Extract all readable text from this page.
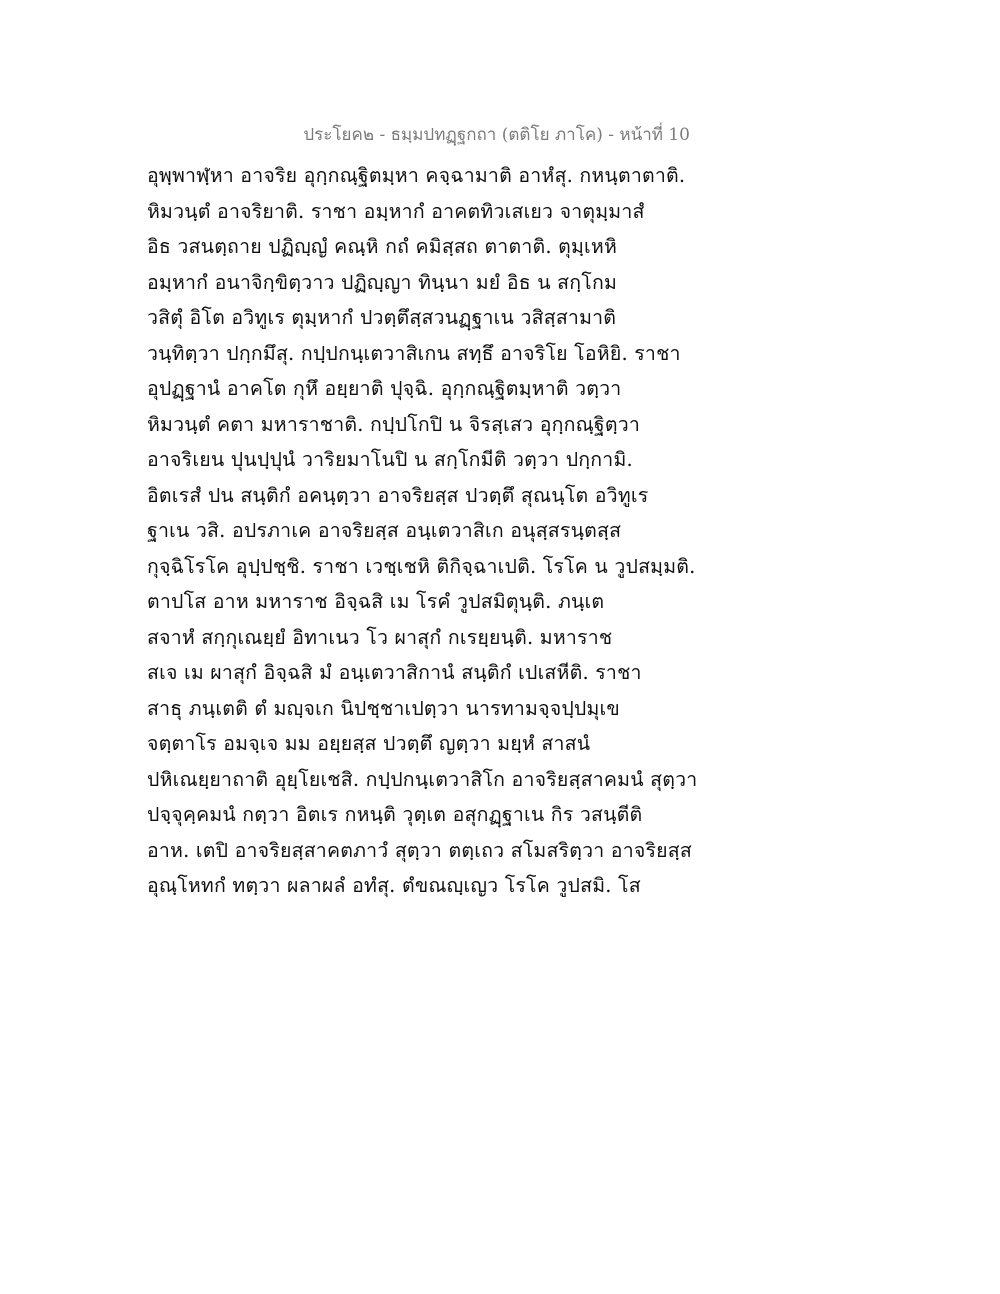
ประโยค๒ - ธมฺมปทฏฺฐกถา (ตติโย ภาโค) - หน้าที่ 10
อุพฺพาฬฺหา อาจริย อุกฺกณฺฐิตมฺหา คจฺฉามาติ อาหํสุ. กหนฺตาตาติ.
หิมวนฺตํ อาจริยาติ. ราชา อมฺหากํ อาคตทิวเสเยว จาตุมฺมาสํ
อิธ วสนตฺถาย ปฏิญฺญํ คณฺหิ กถํ คมิสฺสถ ตาตาติ. ตุมฺเหหิ
อมฺหากํ อนาจิกฺขิตฺวาว ปฏิญฺญา ทินฺนา มยํ อิธ น สกฺโกม
วสิตุํ อิโต อวิทูเร ตุมฺหากํ ปวตฺตึสฺสวนฏฺฐาเน วสิสฺสามาติ
วนฺทิตฺวา ปกฺกมึสุ. กปฺปกนฺเตวาสิเกน สทฺธึ อาจริโย โอหิยิ. ราชา
อุปฏฺฐานํ อาคโต กุหึ อยฺยาติ ปุจฺฉิ. อุกฺกณฺฐิตมฺหาติ วตฺวา
หิมวนฺตํ คตา มหาราชาติ. กปฺปโกปิ น จิรสฺเสว อุกฺกณฺฐิตฺวา
อาจริเยน ปุนปฺปุนํ วาริยมาโนปิ น สกฺโกมีติ วตฺวา ปกฺกามิ.
อิตเรสํ ปน สนฺติกํ อคนฺตฺวา อาจริยสฺส ปวตฺตึ สุณนฺโต อวิทูเร
ฐาเน วสิ. อปรภาเค อาจริยสฺส อนฺเตวาสิเก อนุสฺสรนฺตสฺส
กุจฺฉิโรโค อุปฺปชฺชิ. ราชา เวชฺเชหิ ติกิจฺฉาเปติ. โรโค น วูปสมฺมติ.
ตาปโส อาห มหาราช อิจฺฉสิ เม โรคํ วูปสมิตุนฺติ. ภนฺเต
สจาหํ สกฺกุเณยฺยํ อิทาเนว โว ผาสุกํ กเรยฺยนฺติ. มหาราช
สเจ เม ผาสุกํ อิจฺฉสิ มํ อนฺเตวาสิกานํ สนฺติกํ เปเสหีติ. ราชา
สาธุ ภนฺเตติ ตํ มญฺจเก นิปชฺชาเปตฺวา นารทามจฺจปฺปมุเข
จตฺตาโร อมจฺเจ มม อยฺยสฺส ปวตฺตึ ญตฺวา มยฺหํ สาสนํ
ปหิเณยฺยาถาติ อุยฺโยเชสิ. กปฺปกนฺเตวาสิโก อาจริยสฺสาคมนํ สุตฺวา
ปจฺจุคฺคมนํ กตฺวา อิตเร กหนฺติ วุตฺเต อสุกฏฺฐาเน กิร วสนฺตีติ
อาห. เตปิ อาจริยสฺสาคตภาวํ สุตฺวา ตตฺเถว สโมสริตฺวา อาจริยสฺส
อุณฺโหทกํ ทตฺวา ผลาผลํ อทํสุ. ตํขณญฺเญว โรโค วูปสมิ. โส
